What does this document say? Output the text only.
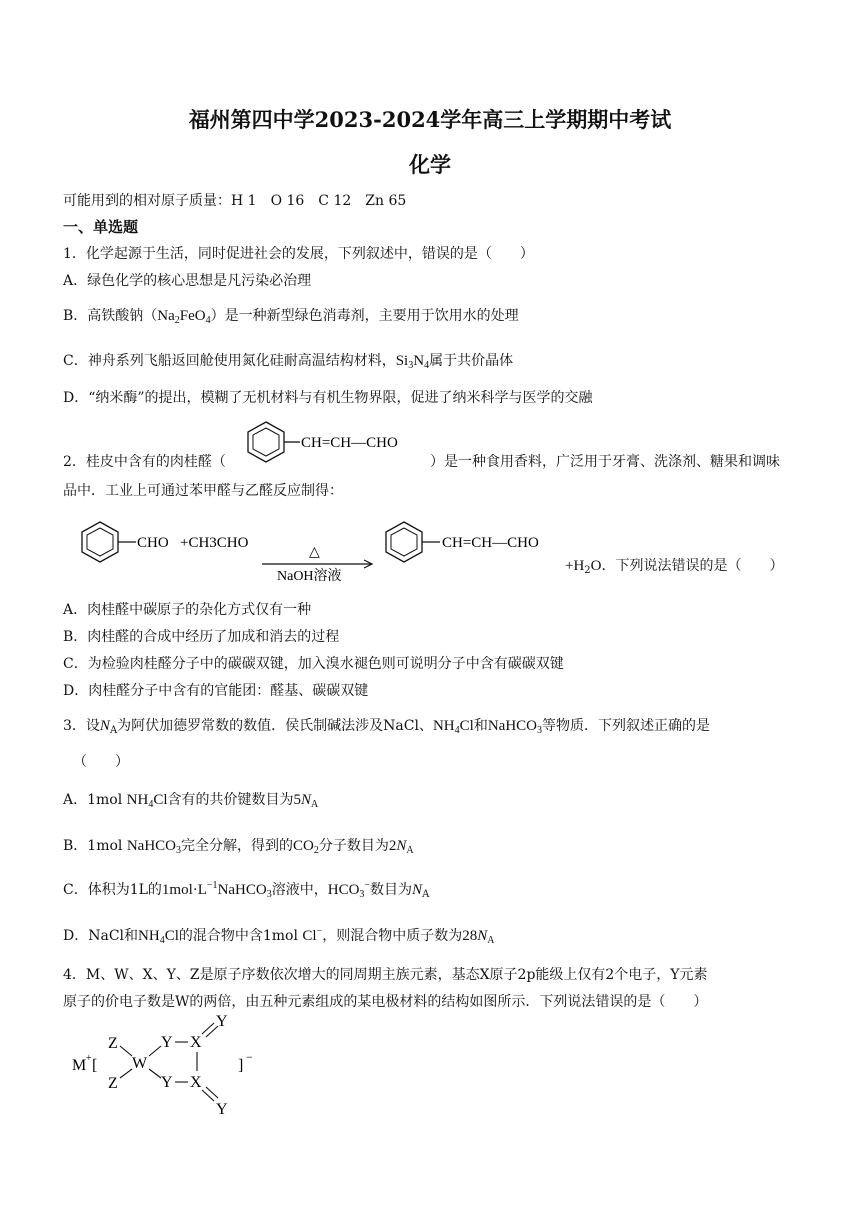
福州第四中学2023-2024学年高三上学期期中考试
化学
可能用到的相对原子质量：H 1　O 16　C 12　Zn 65
一、单选题
1．化学起源于生活，同时促进社会的发展，下列叙述中，错误的是（　　）
A．绿色化学的核心思想是凡污染必治理
B．高铁酸钠$(Na_2FeO_4)$是一种新型绿色消毒剂，主要用于饮用水的处理
C．神舟系列飞船返回舱使用氮化硅耐高温结构材料，$Si_3N_4$属于共价晶体
D．“纳米酶”的提出，模糊了无机材料与有机生物界限，促进了纳米科学与医学的交融
2．桂皮中含有的肉桂醛（
CH=CH—CHO
）是一种食用香料，广泛用于牙膏、洗涤剂、糖果和调味
品中．工业上可通过苯甲醛与乙醛反应制得：
CHO +CH3CHO
△
NaOH溶液
CH=CH—CHO
$+H_2O$．下列说法错误的是（　　）
A．肉桂醛中碳原子的杂化方式仅有一种
B．肉桂醛的合成中经历了加成和消去的过程
C．为检验肉桂醛分子中的碳碳双键，加入溴水褪色则可说明分子中含有碳碳双键
D．肉桂醛分子中含有的官能团：醛基、碳碳双键
3．设$N_A$为阿伏加德罗常数的数值．侯氏制碱法涉及NaCl、$NH_4Cl$和NaHCO$_3$等物质．下列叙述正确的是
（　　）
A．1mol $NH_4Cl$含有的共价键数目为$5N_A$
B．1mol NaHCO$_3$完全分解，得到的$CO_2$分子数目为$2N_A$
C．体积为1L的$1mol\cdot L^{-1}NaHCO_3$溶液中，$HCO_3^-$数目为$N_A$
D．NaCl和$NH_4Cl$的混合物中含1mol Cl−，则混合物中质子数为$28N_A$
4．M、W、X、Y、Z是原子序数依次增大的同周期主族元素，基态X原子2p能级上仅有2个电子，Y元素
原子的价电子数是W的两倍，由五种元素组成的某电极材料的结构如图所示．下列说法错误的是（　　）
M + [
Z
Z
W
Y
Y
X
X
Y
Y
] −
